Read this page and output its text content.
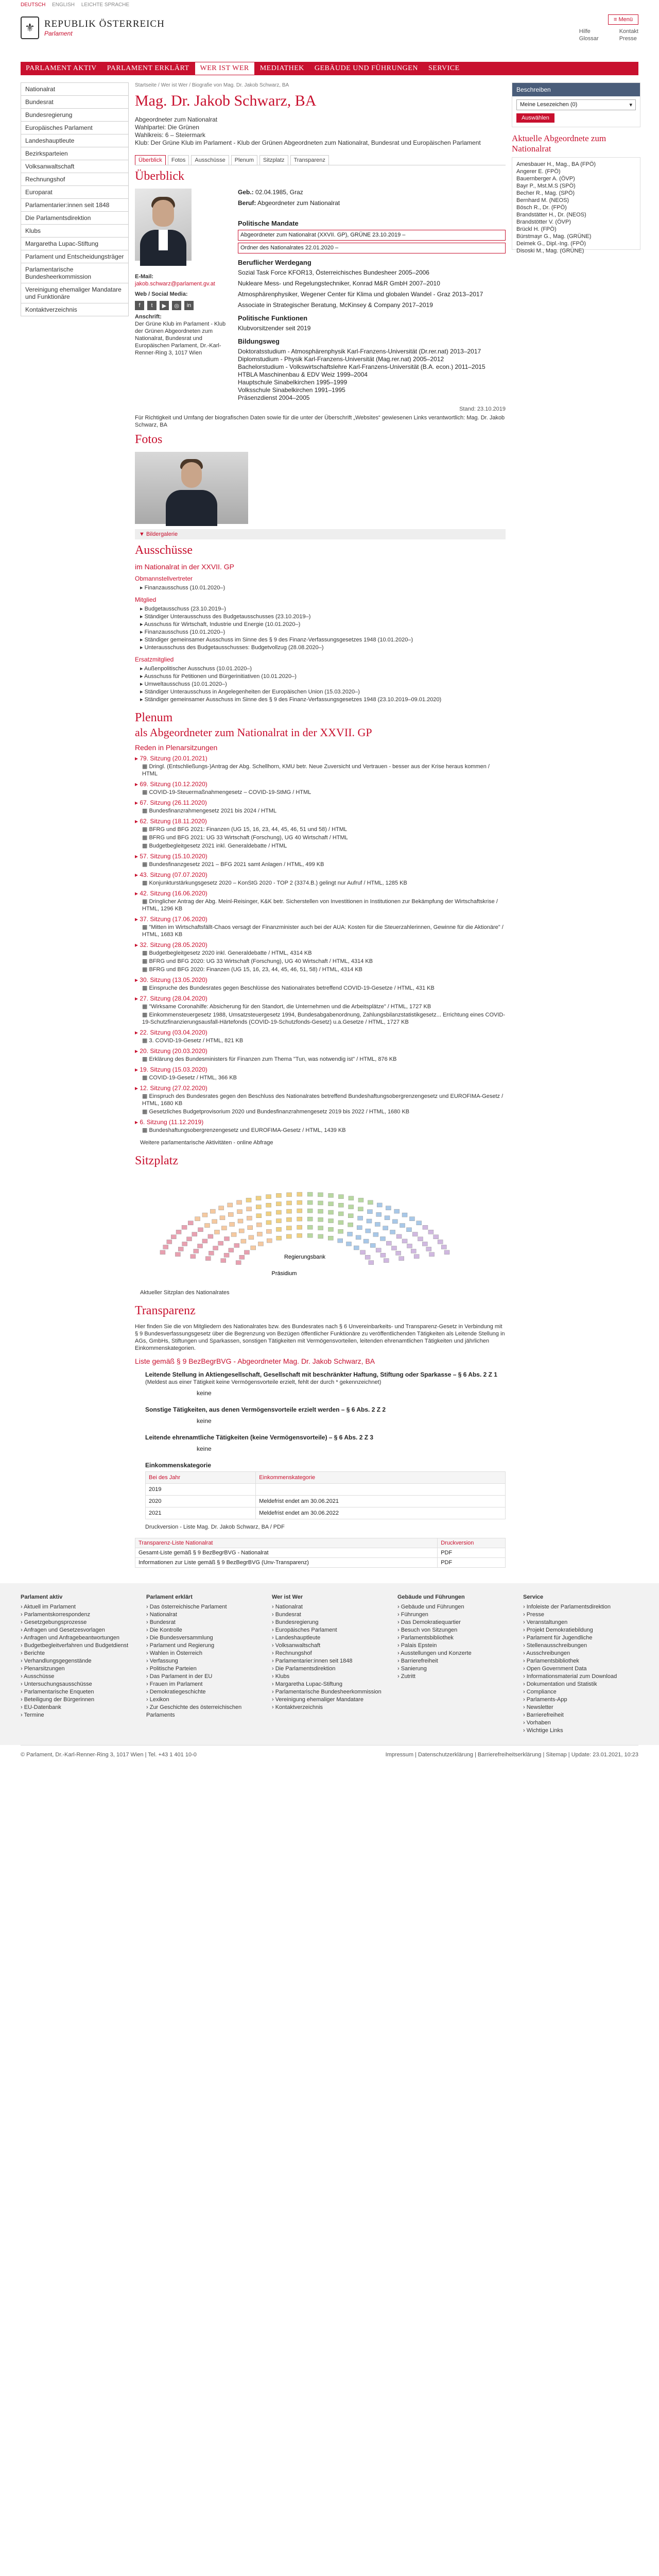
DEUTSCH ENGLISH LEICHTE SPRACHE
⚜ REPUBLIK ÖSTERREICH
Parlament
≡ Menü
Hilfe
Glossar
Kontakt
Presse
PARLAMENT AKTIV	PARLAMENT ERKLÄRT	WER IST WER	MEDIATHEK	GEBÄUDE UND FÜHRUNGEN	SERVICE
Nationalrat
Bundesrat
Bundesregierung
Europäisches Parlament
Landeshauptleute
Bezirksparteien
Volksanwaltschaft
Rechnungshof
Europarat
Parlamentarier:innen seit 1848
Die Parlamentsdirektion
Klubs
Margaretha Lupac-Stiftung
Parlament und Entscheidungsträger
Parlamentarische Bundesheerkommission
Vereinigung ehemaliger Mandatare und Funktionäre
Kontaktverzeichnis
Startseite / Wer ist Wer / Biografie von Mag. Dr. Jakob Schwarz, BA
Mag. Dr. Jakob Schwarz, BA
Abgeordneter zum Nationalrat
Wahlpartei: Die Grünen
Wahlkreis: 6 – Steiermark
Klub: Der Grüne Klub im Parlament - Klub der Grünen Abgeordneten zum Nationalrat, Bundesrat und Europäischen Parlament
Überblick	Fotos	Ausschüsse	Plenum	Sitzplatz	Transparenz
Überblick
E-Mail:
jakob.schwarz@parlament.gv.at
Web / Social Media:
f	t	▶	◎	in
Anschrift:
Der Grüne Klub im Parlament - Klub der Grünen Abgeordneten zum Nationalrat, Bundesrat und Europäischen Parlament, Dr.-Karl-Renner-Ring 3, 1017 Wien
Geb.: 02.04.1985, Graz
Beruf: Abgeordneter zum Nationalrat
Politische Mandate
Abgeordneter zum Nationalrat (XXVII. GP), GRÜNE 23.10.2019 –
Ordner des Nationalrates 22.01.2020 –
Beruflicher Werdegang
Sozial Task Force KFOR13, Österreichisches Bundesheer 2005–2006
Nukleare Mess- und Regelungstechniker, Konrad M&R GmbH 2007–2010
Atmosphärenphysiker, Wegener Center für Klima und globalen Wandel - Graz 2013–2017
Associate in Strategischer Beratung, McKinsey & Company 2017–2019
Politische Funktionen
Klubvorsitzender seit 2019
Bildungsweg
Doktoratsstudium - Atmosphärenphysik Karl-Franzens-Universität (Dr.rer.nat) 2013–2017
Diplomstudium - Physik Karl-Franzens-Universität (Mag.rer.nat) 2005–2012
Bachelorstudium - Volkswirtschaftslehre Karl-Franzens-Universität (B.A. econ.) 2011–2015
HTBLA Maschinenbau & EDV Weiz 1999–2004
Hauptschule Sinabelkirchen 1995–1999
Volksschule Sinabelkirchen 1991–1995
Präsenzdienst 2004–2005
Stand: 23.10.2019
Für Richtigkeit und Umfang der biografischen Daten sowie für die unter der Überschrift „Websites“ gewiesenen Links verantwortlich: Mag. Dr. Jakob Schwarz, BA
Fotos
▼ Bildergalerie
Ausschüsse
im Nationalrat in der XXVII. GP
Obmannstellvertreter
▸ Finanzausschuss (10.01.2020–)
Mitglied
▸ Budgetausschuss (23.10.2019–)
▸ Ständiger Unterausschuss des Budgetausschusses (23.10.2019–)
▸ Ausschuss für Wirtschaft, Industrie und Energie (10.01.2020–)
▸ Finanzausschuss (10.01.2020–)
▸ Ständiger gemeinsamer Ausschuss im Sinne des § 9 des Finanz-Verfassungsgesetzes 1948 (10.01.2020–)
▸ Unterausschuss des Budgetausschusses: Budgetvollzug (28.08.2020–)
Ersatzmitglied
▸ Außenpolitischer Ausschuss (10.01.2020–)
▸ Ausschuss für Petitionen und Bürgerinitiativen (10.01.2020–)
▸ Umweltausschuss (10.01.2020–)
▸ Ständiger Unterausschuss in Angelegenheiten der Europäischen Union (15.03.2020–)
▸ Ständiger gemeinsamer Ausschuss im Sinne des § 9 des Finanz-Verfassungsgesetzes 1948 (23.10.2019–09.01.2020)
Plenum
als Abgeordneter zum Nationalrat in der XXVII. GP
Reden in Plenarsitzungen
▸ 79. Sitzung (20.01.2021)
▦ Dringl. (Entschließungs-)Antrag der Abg. Schellhorn, KMU betr. Neue Zuversicht und Vertrauen - besser aus der Krise heraus kommen / HTML
▸ 69. Sitzung (10.12.2020)
▦ COVID-19-Steuermaßnahmengesetz – COVID-19-StMG / HTML
▸ 67. Sitzung (26.11.2020)
▦ Bundesfinanzrahmengesetz 2021 bis 2024 / HTML
▸ 62. Sitzung (18.11.2020)
▦ BFRG und BFG 2021: Finanzen (UG 15, 16, 23, 44, 45, 46, 51 und 58) / HTML
▦ BFRG und BFG 2021: UG 33 Wirtschaft (Forschung), UG 40 Wirtschaft / HTML
▦ Budgetbegleitgesetz 2021 inkl. Generaldebatte / HTML
▸ 57. Sitzung (15.10.2020)
▦ Bundesfinanzgesetz 2021 – BFG 2021 samt Anlagen / HTML, 499 KB
▸ 43. Sitzung (07.07.2020)
▦ Konjunkturstärkungsgesetz 2020 – KonStG 2020 - TOP 2 (3374.B.) gelingt nur Aufruf / HTML, 1285 KB
▸ 42. Sitzung (16.06.2020)
▦ Dringlicher Antrag der Abg. Meinl-Reisinger, K&K betr. Sicherstellen von Investitionen in Institutionen zur Bekämpfung der Wirtschaftskrise / HTML, 1296 KB
▸ 37. Sitzung (17.06.2020)
▦ "Mitten im Wirtschaftsfällt-Chaos versagt der Finanzminister auch bei der AUA: Kosten für die Steuerzahlerinnen, Gewinne für die Aktionäre" / HTML, 1683 KB
▸ 32. Sitzung (28.05.2020)
▦ Budgetbegleitgesetz 2020 inkl. Generaldebatte / HTML, 4314 KB
▦ BFRG und BFG 2020: UG 33 Wirtschaft (Forschung), UG 40 Wirtschaft / HTML, 4314 KB
▦ BFRG und BFG 2020: Finanzen (UG 15, 16, 23, 44, 45, 46, 51, 58) / HTML, 4314 KB
▸ 30. Sitzung (13.05.2020)
▦ Einspruche des Bundesrates gegen Beschlüsse des Nationalrates betreffend COVID-19-Gesetze / HTML, 431 KB
▸ 27. Sitzung (28.04.2020)
▦ "Wirksame Coronahilfe: Absicherung für den Standort, die Unternehmen und die Arbeitsplätze" / HTML, 1727 KB
▦ Einkommensteuergesetz 1988, Umsatzsteuergesetz 1994, Bundesabgabenordnung, Zahlungsbilanzstatistikgesetz... Errichtung eines COVID-19-Schutzfinanzierungsausfall-Härtefonds (COVID-19-Schutzfonds-Gesetz) u.a.Gesetze / HTML, 1727 KB
▸ 22. Sitzung (03.04.2020)
▦ 3. COVID-19-Gesetz / HTML, 821 KB
▸ 20. Sitzung (20.03.2020)
▦ Erklärung des Bundesministers für Finanzen zum Thema "Tun, was notwendig ist" / HTML, 876 KB
▸ 19. Sitzung (15.03.2020)
▦ COVID-19-Gesetz / HTML, 366 KB
▸ 12. Sitzung (27.02.2020)
▦ Einspruch des Bundesrates gegen den Beschluss des Nationalrates betreffend Bundeshaftungsobergrenzengesetz und EUROFIMA-Gesetz / HTML, 1680 KB
▦ Gesetzliches Budgetprovisorium 2020 und Bundesfinanzrahmengesetz 2019 bis 2022 / HTML, 1680 KB
▸ 6. Sitzung (11.12.2019)
▦ Bundeshaftungsobergrenzengesetz und EUROFIMA-Gesetz / HTML, 1439 KB
Weitere parlamentarische Aktivitäten - online Abfrage
Sitzplatz
Regierungsbank
Präsidium
Aktueller Sitzplan des Nationalrates
Transparenz
Hier finden Sie die von Mitgliedern des Nationalrates bzw. des Bundesrates nach § 6 Unvereinbarkeits- und Transparenz-Gesetz in Verbindung mit § 9 Bundesverfassungsgesetz über die Begrenzung von Bezügen öffentlicher Funktionäre zu veröffentlichenden Tätigkeiten als Leitende Stellung in AGs, GmbHs, Stiftungen und Sparkassen, sonstigen Tätigkeiten mit Vermögensvorteilen, leitenden ehrenamtlichen Tätigkeiten und jährlichen Einkommenskategorien.
Liste gemäß § 9 BezBegrBVG - Abgeordneter Mag. Dr. Jakob Schwarz, BA
Leitende Stellung in Aktiengesellschaft, Gesellschaft mit beschränkter Haftung, Stiftung oder Sparkasse – § 6 Abs. 2 Z 1
(Meldest aus einer Tätigkeit keine Vermögensvorteile erzielt, fehlt der durch * gekennzeichnet)
keine
Sonstige Tätigkeiten, aus denen Vermögensvorteile erzielt werden – § 6 Abs. 2 Z 2
keine
Leitende ehrenamtliche Tätigkeiten (keine Vermögensvorteile) – § 6 Abs. 2 Z 3
keine
Einkommenskategorie
Bei des Jahr	Einkommenskategorie
2019	
2020	Meldefrist endet am 30.06.2021
2021	Meldefrist endet am 30.06.2022
Druckversion - Liste Mag. Dr. Jakob Schwarz, BA / PDF
Transparenz-Liste Nationalrat	Druckversion
Gesamt-Liste gemäß § 9 BezBegrBVG - Nationalrat	PDF
Informationen zur Liste gemäß § 9 BezBegrBVG (Unv-Transparenz)	PDF
Beschreiben
Meine Lesezeichen (0)	▾
Auswählen
Aktuelle Abgeordnete zum Nationalrat
Amesbauer H., Mag., BA (FPÖ)
Angerer E. (FPÖ)
Bauernberger A. (ÖVP)
Bayr P., Mst.M.S (SPÖ)
Becher R., Mag. (SPÖ)
Bernhard M. (NEOS)
Bösch R., Dr. (FPÖ)
Brandstätter H., Dr. (NEOS)
Brandstötter V. (ÖVP)
Brückl H. (FPÖ)
Bürstmayr G., Mag. (GRÜNE)
Deimek G., Dipl.-Ing. (FPÖ)
Disoski M., Mag. (GRÜNE)
Parlament aktiv
› Aktuell im Parlament
› Parlamentskorrespondenz
› Gesetzgebungsprozesse
› Anfragen und Gesetzesvorlagen
› Anfragen und Anfragebeantwortungen
› Budgetbegleitverfahren und Budgetdienst
› Berichte
› Verhandlungsgegenstände
› Plenarsitzungen
› Ausschüsse
› Untersuchungsausschüsse
› Parlamentarische Enqueten
› Beteiligung der Bürgerinnen
› EU-Datenbank
› Termine
Parlament erklärt
› Das österreichische Parlament
› Nationalrat
› Bundesrat
› Die Kontrolle
› Die Bundesversammlung
› Parlament und Regierung
› Wahlen in Österreich
› Verfassung
› Politische Parteien
› Das Parlament in der EU
› Frauen im Parlament
› Demokratiegeschichte
› Lexikon
› Zur Geschichte des österreichischen Parlaments
Wer ist Wer
› Nationalrat
› Bundesrat
› Bundesregierung
› Europäisches Parlament
› Landeshauptleute
› Volksanwaltschaft
› Rechnungshof
› Parlamentarier:innen seit 1848
› Die Parlamentsdirektion
› Klubs
› Margaretha Lupac-Stiftung
› Parlamentarische Bundesheerkommission
› Vereinigung ehemaliger Mandatare
› Kontaktverzeichnis
Gebäude und Führungen
› Gebäude und Führungen
› Führungen
› Das Demokratiequartier
› Besuch von Sitzungen
› Parlamentsbibliothek
› Palais Epstein
› Ausstellungen und Konzerte
› Barrierefreiheit
› Sanierung
› Zutritt
Service
› Infoleiste der Parlamentsdirektion
› Presse
› Veranstaltungen
› Projekt Demokratiebildung
› Parlament für Jugendliche
› Stellenausschreibungen
› Ausschreibungen
› Parlamentsbibliothek
› Open Government Data
› Informationsmaterial zum Download
› Dokumentation und Statistik
› Compliance
› Parlaments-App
› Newsletter
› Barrierefreiheit
› Vorhaben
› Wichtige Links
© Parlament, Dr.-Karl-Renner-Ring 3, 1017 Wien | Tel. +43 1 401 10-0	Impressum | Datenschutzerklärung | Barrierefreiheitserklärung | Sitemap | Update: 23.01.2021, 10:23
